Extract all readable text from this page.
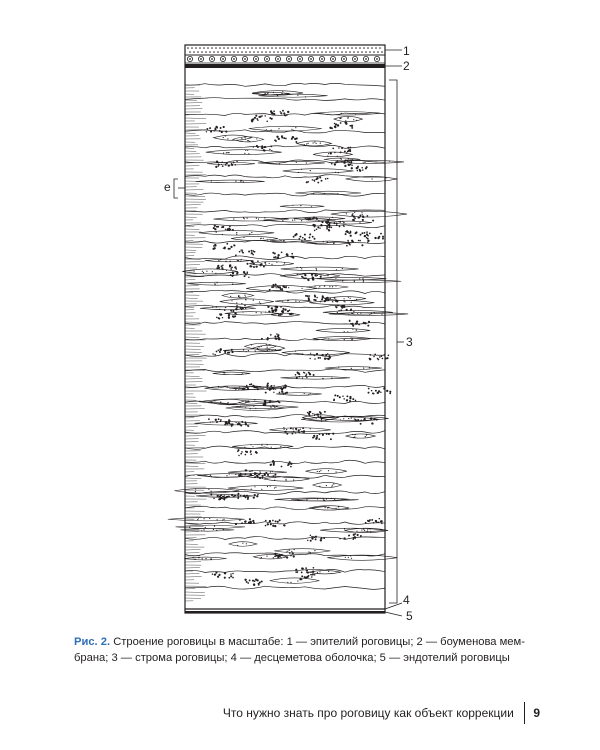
1
2
3
4
5
e
Рис. 2. Строение роговицы в масштабе: 1 — эпителий роговицы; 2 — боуменова мем-
брана; 3 — строма роговицы; 4 — десцеметова оболочка; 5 — эндотелий роговицы
Что нужно знать про роговицу как объект коррекции 9
